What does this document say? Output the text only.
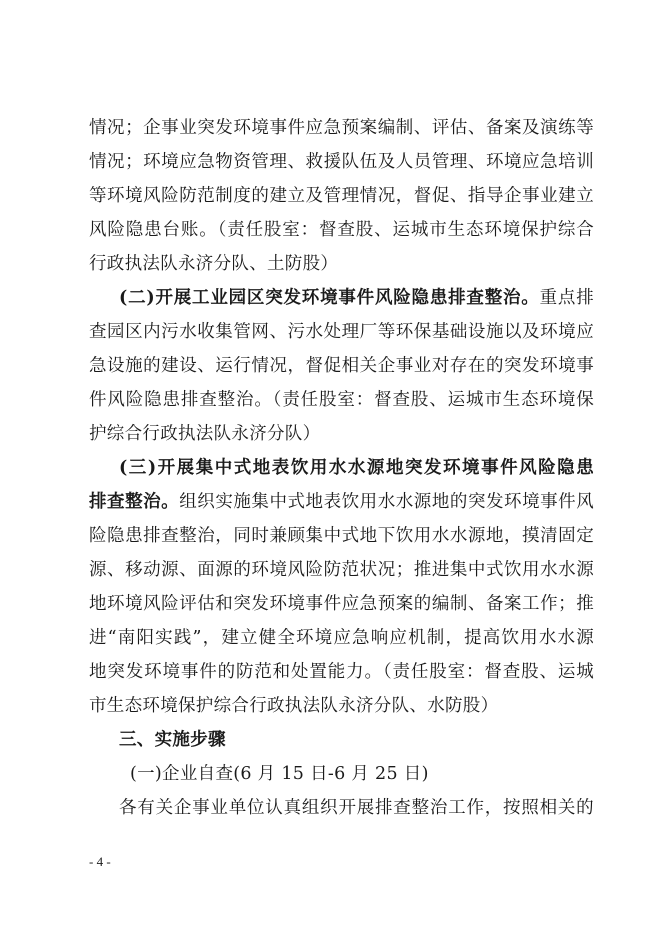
情况；企事业突发环境事件应急预案编制、评估、备案及演练等
情况；环境应急物资管理、救援队伍及人员管理、环境应急培训
等环境风险防范制度的建立及管理情况，督促、指导企事业建立
风险隐患台账。（责任股室：督查股、运城市生态环境保护综合
行政执法队永济分队、土防股）
(二)开展工业园区突发环境事件风险隐患排查整治。重点排
查园区内污水收集管网、污水处理厂等环保基础设施以及环境应
急设施的建设、运行情况，督促相关企事业对存在的突发环境事
件风险隐患排查整治。（责任股室：督查股、运城市生态环境保
护综合行政执法队永济分队）
(三)开展集中式地表饮用水水源地突发环境事件风险隐患
排查整治。组织实施集中式地表饮用水水源地的突发环境事件风
险隐患排查整治，同时兼顾集中式地下饮用水水源地，摸清固定
源、移动源、面源的环境风险防范状况；推进集中式饮用水水源
地环境风险评估和突发环境事件应急预案的编制、备案工作；推
进“南阳实践”，建立健全环境应急响应机制，提高饮用水水源
地突发环境事件的防范和处置能力。（责任股室：督查股、运城
市生态环境保护综合行政执法队永济分队、水防股）
三、实施步骤
(一)企业自查(6 月 15 日-6 月 25 日)
各有关企事业单位认真组织开展排查整治工作，按照相关的
- 4 -
